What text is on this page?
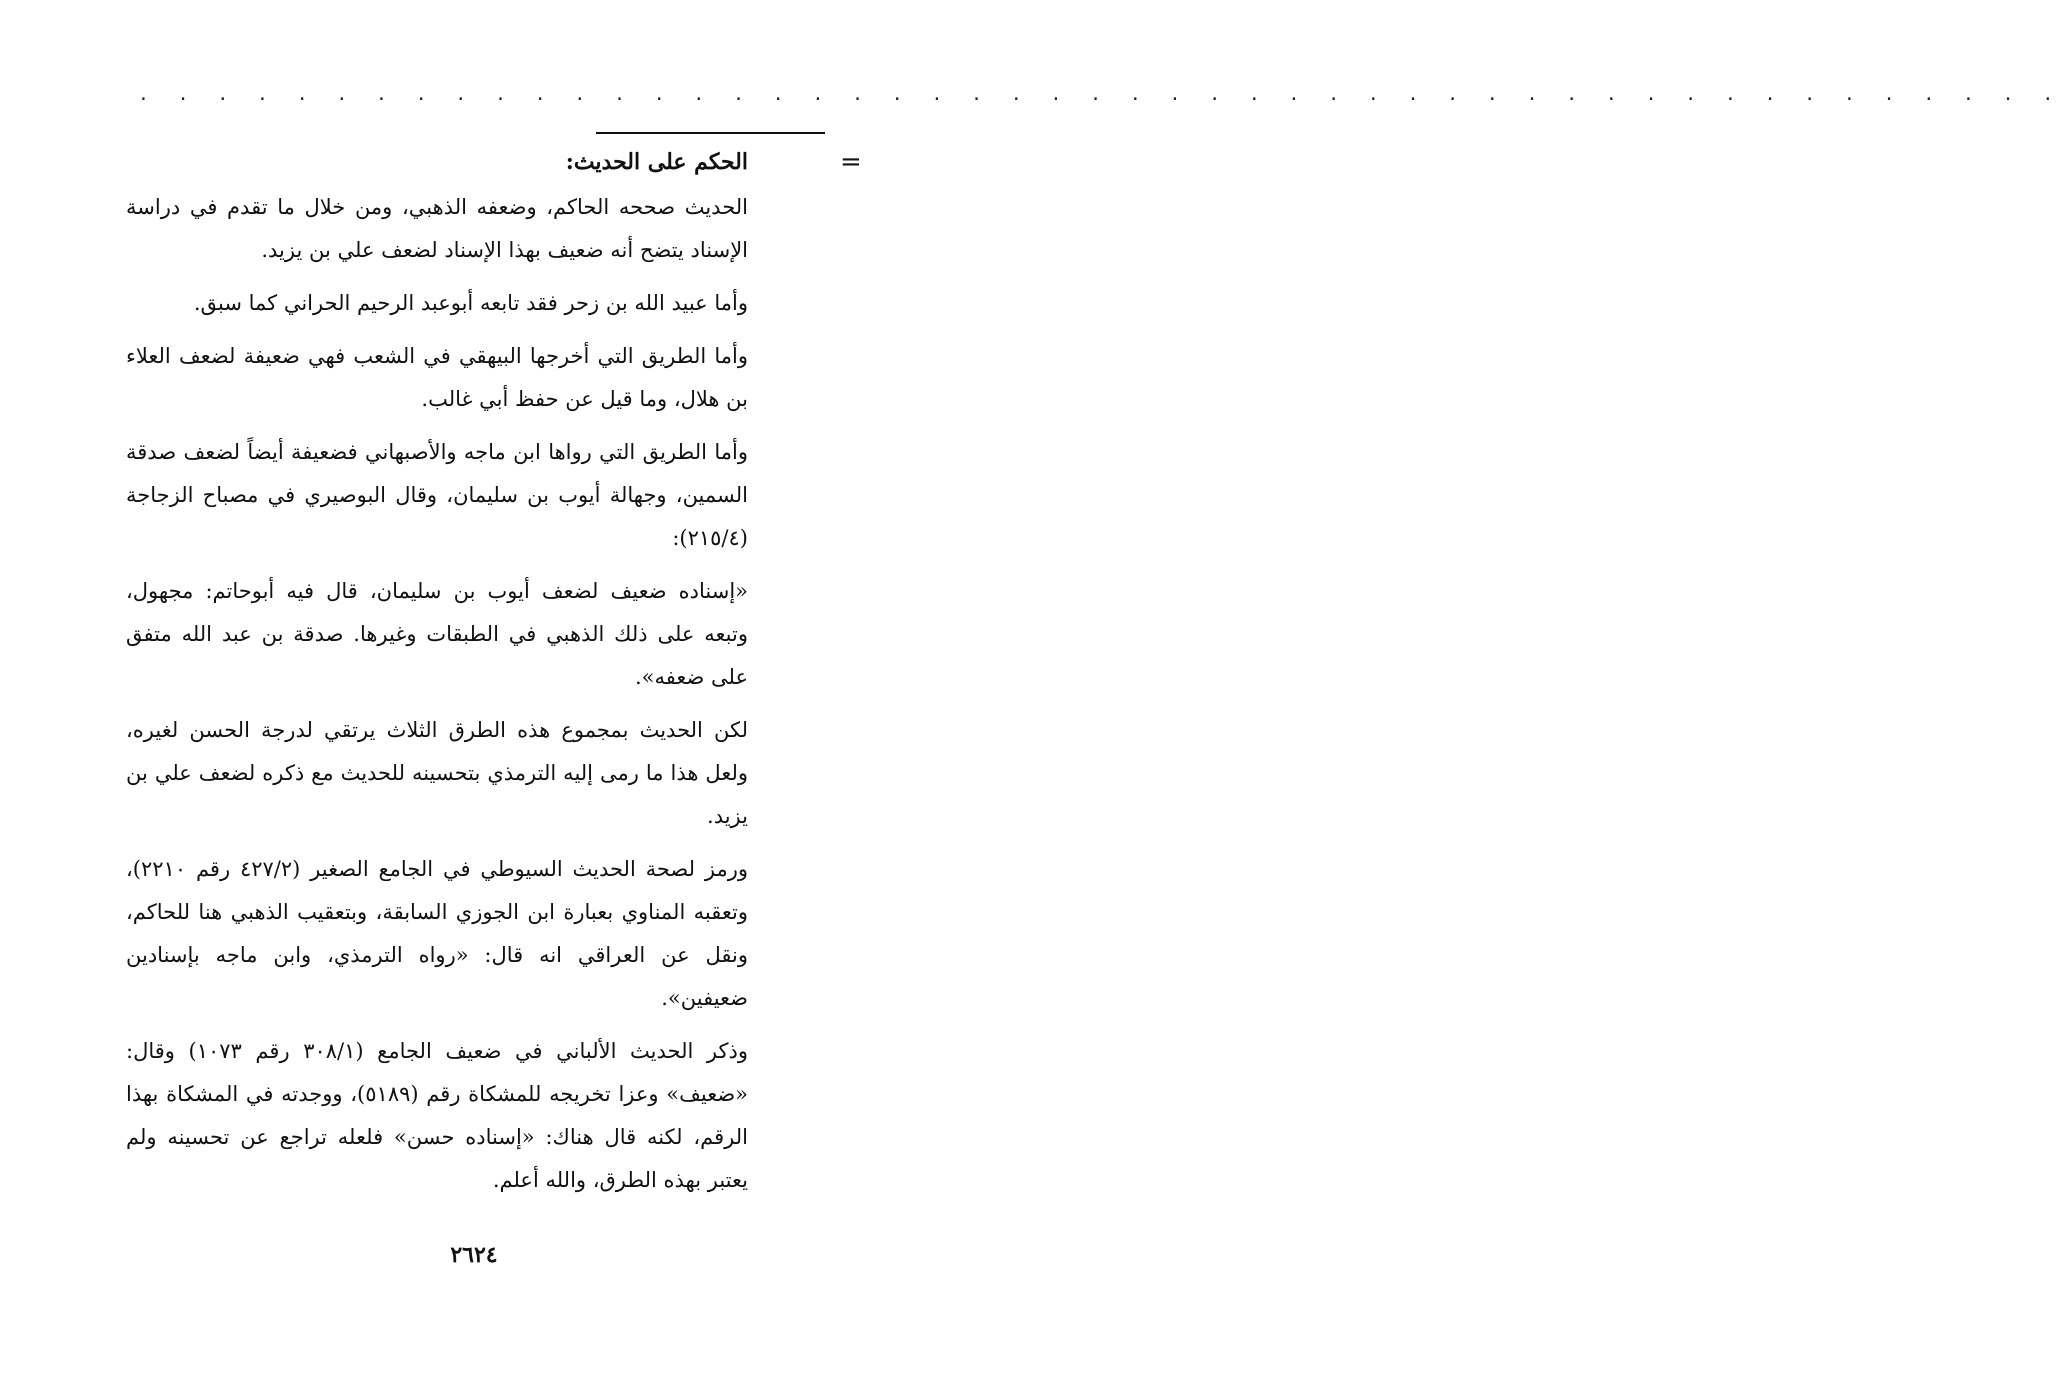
. . . . . . . . . . . . . . . . . . . . . . . . . . . . . . . . . . . . . . . . . . . . . . . . .
=
الحكم على الحديث:

الحديث صححه الحاكم، وضعفه الذهبي، ومن خلال ما تقدم في دراسة الإسناد يتضح أنه ضعيف بهذا الإسناد لضعف علي بن يزيد.

وأما عبيد الله بن زحر فقد تابعه أبوعبد الرحيم الحراني كما سبق.

وأما الطريق التي أخرجها البيهقي في الشعب فهي ضعيفة لضعف العلاء بن هلال، وما قيل عن حفظ أبي غالب.

وأما الطريق التي رواها ابن ماجه والأصبهاني فضعيفة أيضاً لضعف صدقة السمين، وجهالة أيوب بن سليمان، وقال البوصيري في مصباح الزجاجة (٢١٥/٤):

«إسناده ضعيف لضعف أيوب بن سليمان، قال فيه أبوحاتم: مجهول، وتبعه على ذلك الذهبي في الطبقات وغيرها. صدقة بن عبد الله متفق على ضعفه».

لكن الحديث بمجموع هذه الطرق الثلاث يرتقي لدرجة الحسن لغيره، ولعل هذا ما رمى إليه الترمذي بتحسينه للحديث مع ذكره لضعف علي بن يزيد.

ورمز لصحة الحديث السيوطي في الجامع الصغير (٤٢٧/٢ رقم ٢٢١٠)، وتعقبه المناوي بعبارة ابن الجوزي السابقة، وبتعقيب الذهبي هنا للحاكم، ونقل عن العراقي انه قال: «رواه الترمذي، وابن ماجه بإسنادين ضعيفين».

وذكر الحديث الألباني في ضعيف الجامع (٣٠٨/١ رقم ١٠٧٣) وقال: «ضعيف» وعزا تخريجه للمشكاة رقم (٥١٨٩)، ووجدته في المشكاة بهذا الرقم، لكنه قال هناك: «إسناده حسن» فلعله تراجع عن تحسينه ولم يعتبر بهذه الطرق، والله أعلم.

٢٦٢٤
